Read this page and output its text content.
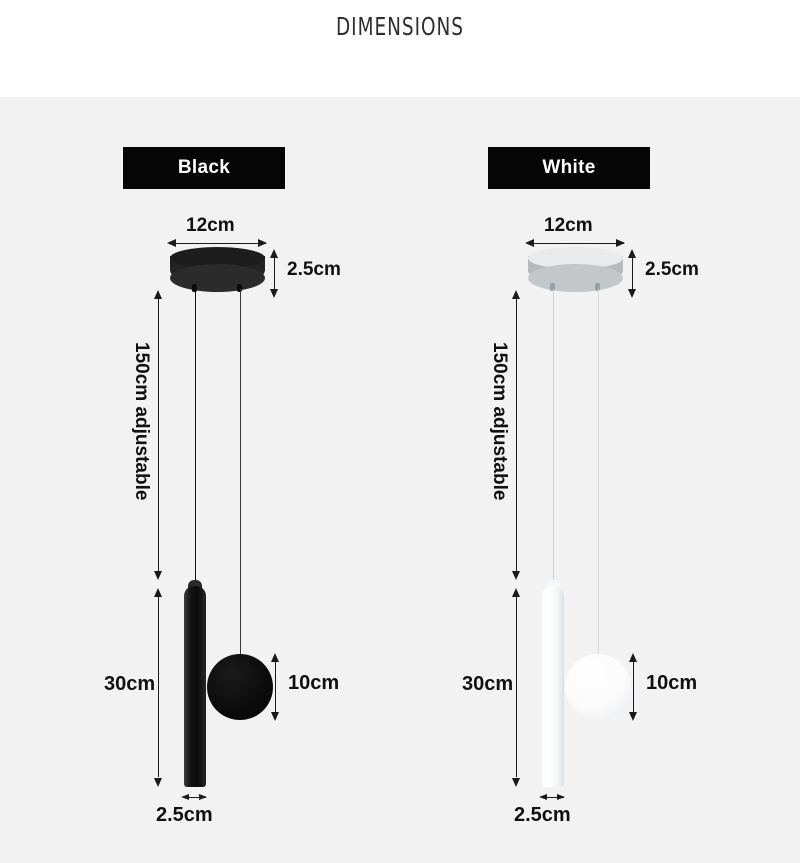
DIMENSIONS
Black
12cm
2.5cm
150cm adjustable
30cm
2.5cm
10cm
White
12cm
2.5cm
150cm adjustable
30cm
2.5cm
10cm
